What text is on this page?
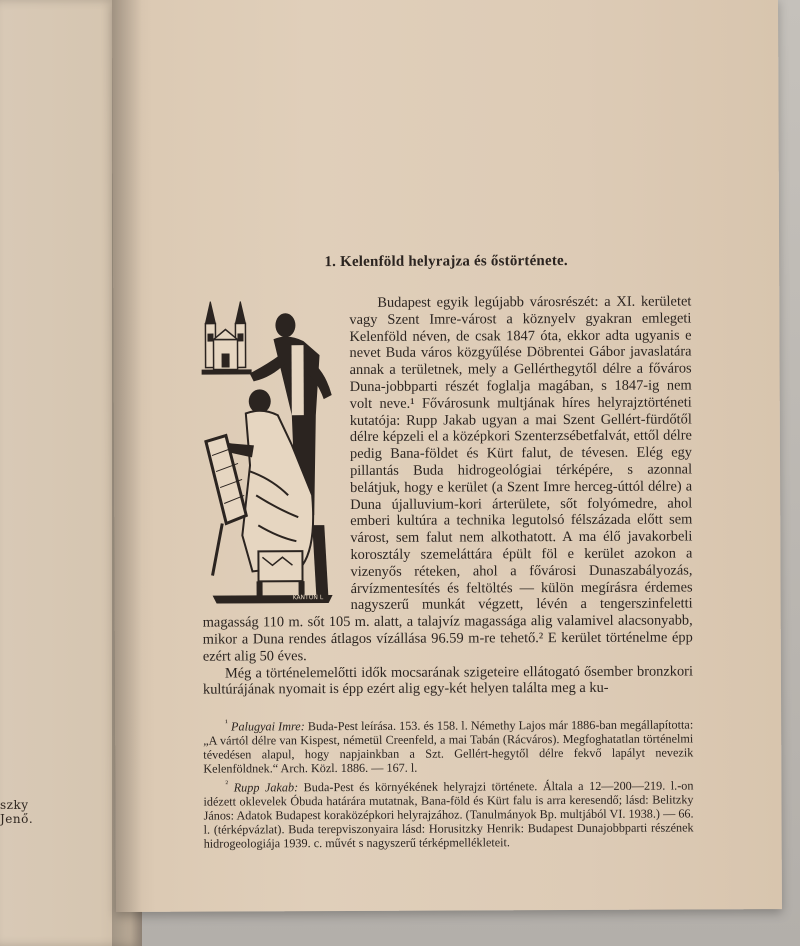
szky Jenő.
1. Kelenföld helyrajza és őstörténete.
KANTON L

Budapest egyik legújabb városrészét: a XI. kerületet vagy Szent Imre-várost a köznyelv gyakran emlegeti Kelenföld néven, de csak 1847 óta, ekkor adta ugyanis e nevet Buda város közgyűlése Döbrentei Gábor javaslatára annak a területnek, mely a Gellérthegytől délre a főváros Duna-jobbparti részét foglalja magában, s 1847-ig nem volt neve.¹ Fővárosunk multjának híres helyrajztörténeti kutatója: Rupp Jakab ugyan a mai Szent Gellért-fürdőtől délre képzeli el a középkori Szenterzsébetfalvát, ettől délre pedig Bana-földet és Kürt falut, de tévesen. Elég egy pillantás Buda hidrogeológiai térképére, s azonnal belátjuk, hogy e kerület (a Szent Imre herceg-úttól délre) a Duna újalluvium-kori árterülete, sőt folyómedre, ahol emberi kultúra a technika legutolsó félszázada előtt sem várost, sem falut nem alkothatott. A ma élő javakorbeli korosztály szemeláttára épült föl e kerület azokon a vizenyős réteken, ahol a fővárosi Dunaszabályozás, árvízmentesítés és feltöltés — külön megírásra érdemes nagyszerű munkát végzett, lévén a tengerszinfeletti magasság 110 m. sőt 105 m. alatt, a talajvíz magassága alig valamivel alacsonyabb, mikor a Duna rendes átlagos vízállása 96.59 m-re tehető.² E kerület történelme épp ezért alig 50 éves.

Még a történelemelőtti idők mocsarának szigeteire ellátogató ősember bronzkori kultúrájának nyomait is épp ezért alig egy-két helyen találta meg a ku-

$^{^1}$ Palugyai Imre: Buda-Pest leírása. 153. és 158. l. Némethy Lajos már 1886-ban megállapította: „A vártól délre van Kispest, németül Creenfeld, a mai Tabán (Rácváros). Megfoghatatlan történelmi tévedésen alapul, hogy napjainkban a Szt. Gellért-hegytől délre fekvő lapályt nevezik Kelenföldnek.“ Arch. Közl. 1886. — 167. l.

$^{^2}$ Rupp Jakab: Buda-Pest és környékének helyrajzi története. Általa a 12—200—219. l.-on idézett oklevelek Óbuda határára mutatnak, Bana-föld és Kürt falu is arra keresendő; lásd: Belitzky János: Adatok Budapest koraközépkori helyrajzához. (Tanulmányok Bp. multjából VI. 1938.) — 66. l. (térképvázlat). Buda terepviszonyaira lásd: Horusitzky Henrik: Budapest Dunajobbparti részének hidrogeologiája 1939. c. művét s nagyszerű térképmellékleteit.
